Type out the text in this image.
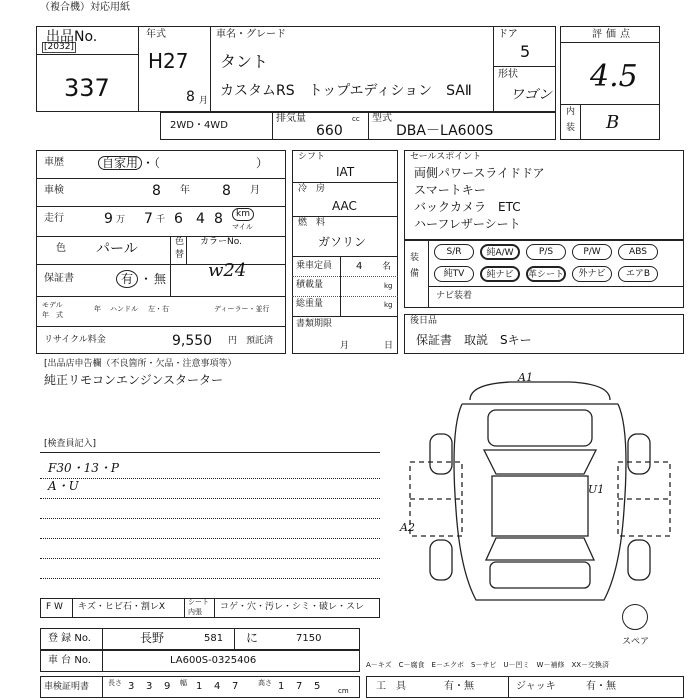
（複合機）対応用紙
出品No.
[2032]
337
年式
H27
8 月
車名・グレード
タント
カスタムRS　トップエディション　SAⅡ
ドア
5
形状
ワゴン
評価点
4.5
内
装 B
2WD・4WD
排気量	cc
660
型式
DBA－LA600S
車歴	自家用 ・（	）
車検	8 年 8 月
走行	9 万 7 千 6 4 8	km
マイル
色 パール	色
替
カラーNo.
w24
保証書	有 ・ 無
モデル
年　式
年 ハンドル 左・右	ディーラー・並行
リサイクル料金	9,550 円 預託済
シフト
IAT
冷　房
AAC
燃　料
ガソリン
乗車定員 4 名
積載量	kg
総重量	kg
書類期限
月	日
セールスポイント
両側パワースライドドア
スマートキー
バックカメラ　ETC
ハーフレザーシート
装
備
S/R	純A/W	P/S	P/W	ABS
純TV	純ナビ	革シート	外ナビ	エアB
ナビ装着
後日品
保証書　取説　Sキー
[出品店申告欄（不良箇所・欠品・注意事項等）
純正リモコンエンジンスターター
[検査員記入]
F30・13・P
A・U
A1
U1
A2
スペア
F W キズ・ヒビ石・割レX	シート
内張 コゲ・穴・汚レ・シミ・破レ・スレ
登 録 No.	長野	581 に	7150
車 台 No.	LA600S-0325406
車検証明書	長さ 3 3 9 幅 1 4 7	高さ 1 7 5	cm
A－キズ　C－腐食　E－エクボ　S－サビ　U－凹ミ　W－補修　XX－交換済
工　具	有・無	ジャッキ	有・無
